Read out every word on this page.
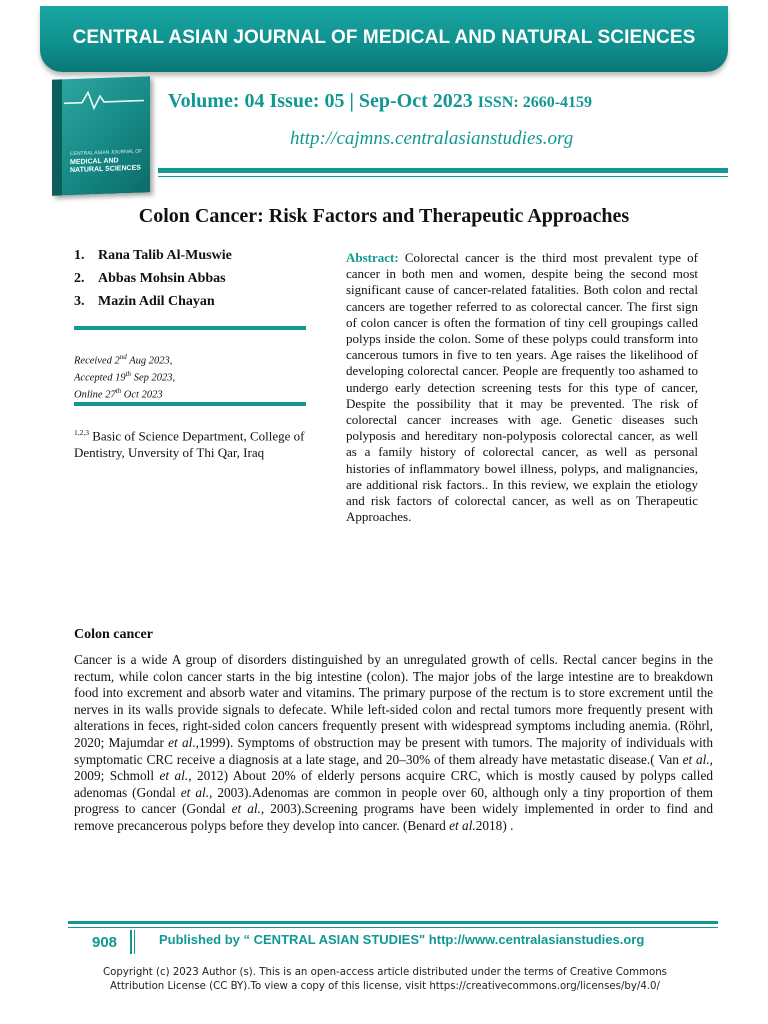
CENTRAL ASIAN JOURNAL OF MEDICAL AND NATURAL SCIENCES
CENTRAL ASIAN JOURNAL OF
MEDICAL AND NATURAL SCIENCES
Volume: 04 Issue: 05 | Sep-Oct 2023 ISSN: 2660-4159
http://cajmns.centralasianstudies.org
Colon Cancer: Risk Factors and Therapeutic Approaches
1. Rana Talib Al-Muswie
2. Abbas Mohsin Abbas
3. Mazin Adil Chayan
Received 2nd Aug 2023,
Accepted 19th Sep 2023,
Online 27th Oct 2023
$^{1,2,3}$ Basic of Science Department, College of Dentistry, Unversity of Thi Qar, Iraq
Abstract: Colorectal cancer is the third most prevalent type of cancer in both men and women, despite being the second most significant cause of cancer-related fatalities. Both colon and rectal cancers are together referred to as colorectal cancer. The first sign of colon cancer is often the formation of tiny cell groupings called polyps inside the colon. Some of these polyps could transform into cancerous tumors in five to ten years. Age raises the likelihood of developing colorectal cancer. People are frequently too ashamed to undergo early detection screening tests for this type of cancer, Despite the possibility that it may be prevented. The risk of colorectal cancer increases with age. Genetic diseases such polyposis and hereditary non-polyposis colorectal cancer, as well as a family history of colorectal cancer, as well as personal histories of inflammatory bowel illness, polyps, and malignancies, are additional risk factors.. In this review, we explain the etiology and risk factors of colorectal cancer, as well as on Therapeutic Approaches.
Colon cancer
Cancer is a wide A group of disorders distinguished by an unregulated growth of cells. Rectal cancer begins in the rectum, while colon cancer starts in the big intestine (colon). The major jobs of the large intestine are to breakdown food into excrement and absorb water and vitamins. The primary purpose of the rectum is to store excrement until the nerves in its walls provide signals to defecate. While left-sided colon and rectal tumors more frequently present with alterations in feces, right-sided colon cancers frequently present with widespread symptoms including anemia. (Röhrl, 2020; Majumdar et al.,1999). Symptoms of obstruction may be present with tumors. The majority of individuals with symptomatic CRC receive a diagnosis at a late stage, and 20–30% of them already have metastatic disease.( Van et al., 2009; Schmoll et al., 2012) About 20% of elderly persons acquire CRC, which is mostly caused by polyps called adenomas (Gondal et al., 2003).Adenomas are common in people over 60, although only a tiny proportion of them progress to cancer (Gondal et al., 2003).Screening programs have been widely implemented in order to find and remove precancerous polyps before they develop into cancer. (Benard et al.2018) .
908	Published by “ CENTRAL ASIAN STUDIES" http://www.centralasianstudies.org
Copyright (c) 2023 Author (s). This is an open-access article distributed under the terms of Creative Commons
Attribution License (CC BY).To view a copy of this license, visit https://creativecommons.org/licenses/by/4.0/
